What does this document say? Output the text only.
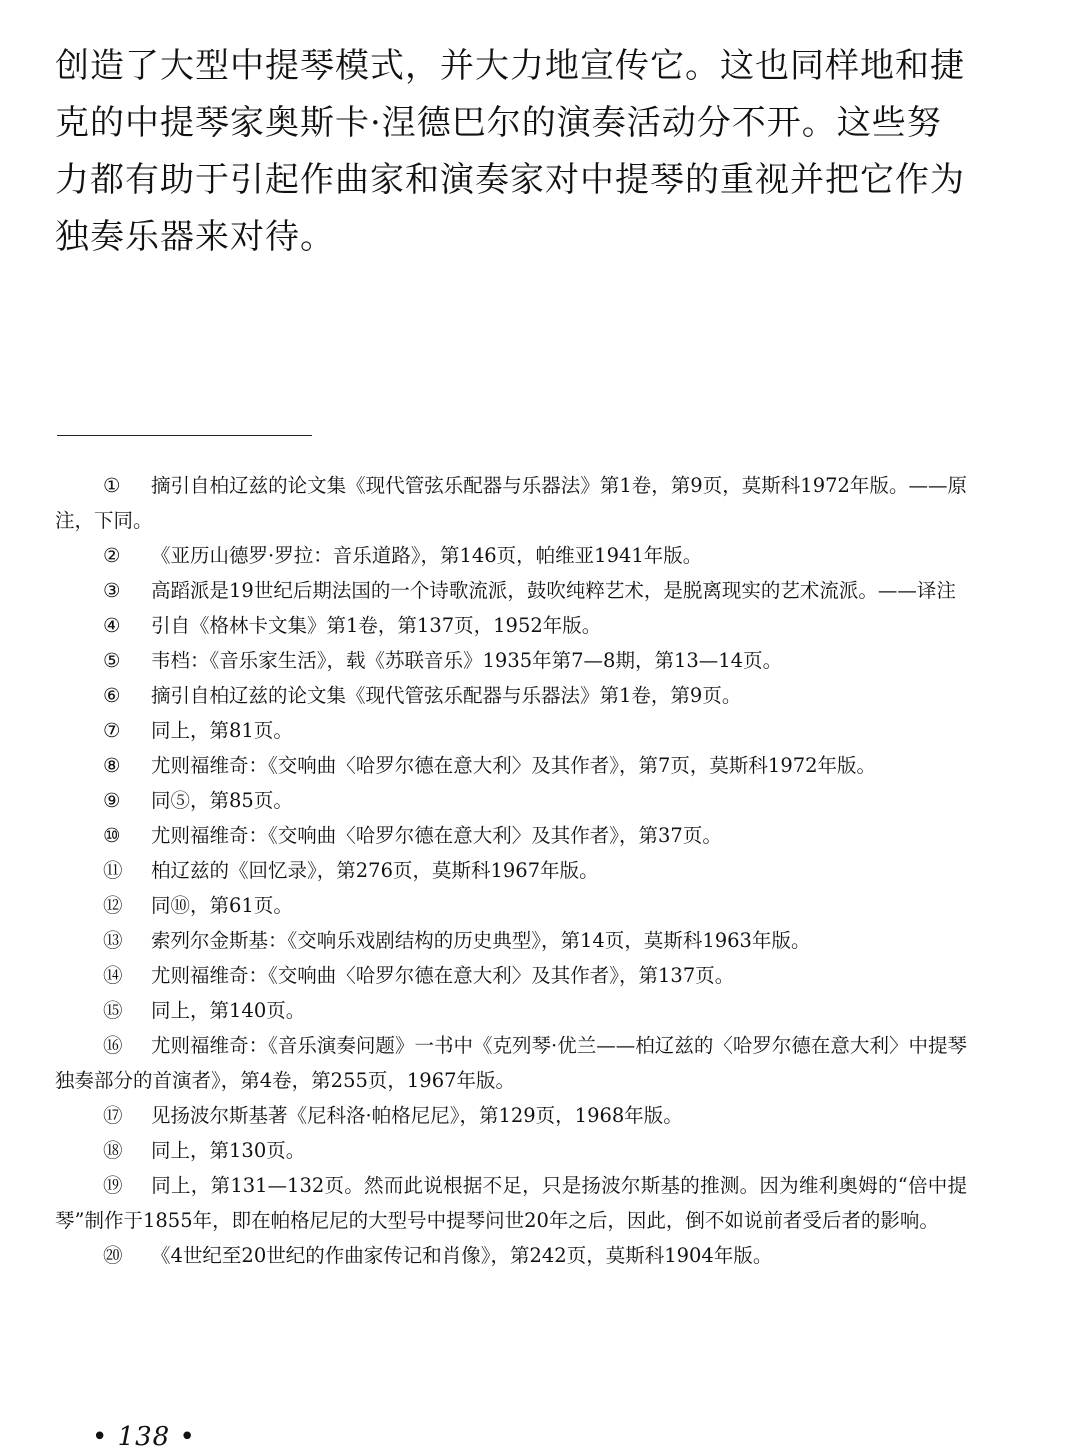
创造了大型中提琴模式，并大力地宣传它。这也同样地和捷克的中提琴家奥斯卡·涅德巴尔的演奏活动分不开。这些努力都有助于引起作曲家和演奏家对中提琴的重视并把它作为独奏乐器来对待。

① 摘引自柏辽兹的论文集《现代管弦乐配器与乐器法》第1卷，第9页，莫斯科1972年版。——原注，下同。
② 《亚历山德罗·罗拉：音乐道路》，第146页，帕维亚1941年版。
③ 高蹈派是19世纪后期法国的一个诗歌流派，鼓吹纯粹艺术，是脱离现实的艺术流派。——译注
④ 引自《格林卡文集》第1卷，第137页，1952年版。
⑤ 韦档：《音乐家生活》，载《苏联音乐》1935年第7—8期，第13—14页。
⑥ 摘引自柏辽兹的论文集《现代管弦乐配器与乐器法》第1卷，第9页。
⑦ 同上，第81页。
⑧ 尤则福维奇：《交响曲〈哈罗尔德在意大利〉及其作者》，第7页，莫斯科1972年版。
⑨ 同⑤，第85页。
⑩ 尤则福维奇：《交响曲〈哈罗尔德在意大利〉及其作者》，第37页。
⑪ 柏辽兹的《回忆录》，第276页，莫斯科1967年版。
⑫ 同⑩，第61页。
⑬ 索列尔金斯基：《交响乐戏剧结构的历史典型》，第14页，莫斯科1963年版。
⑭ 尤则福维奇：《交响曲〈哈罗尔德在意大利〉及其作者》，第137页。
⑮ 同上，第140页。
⑯ 尤则福维奇：《音乐演奏问题》一书中《克列琴·优兰——柏辽兹的〈哈罗尔德在意大利〉中提琴独奏部分的首演者》，第4卷，第255页，1967年版。
⑰ 见扬波尔斯基著《尼科洛·帕格尼尼》，第129页，1968年版。
⑱ 同上，第130页。
⑲ 同上，第131—132页。然而此说根据不足，只是扬波尔斯基的推测。因为维利奥姆的“倍中提琴”制作于1855年，即在帕格尼尼的大型号中提琴问世20年之后，因此，倒不如说前者受后者的影响。
⑳ 《4世纪至20世纪的作曲家传记和肖像》，第242页，莫斯科1904年版。
• 138 •
